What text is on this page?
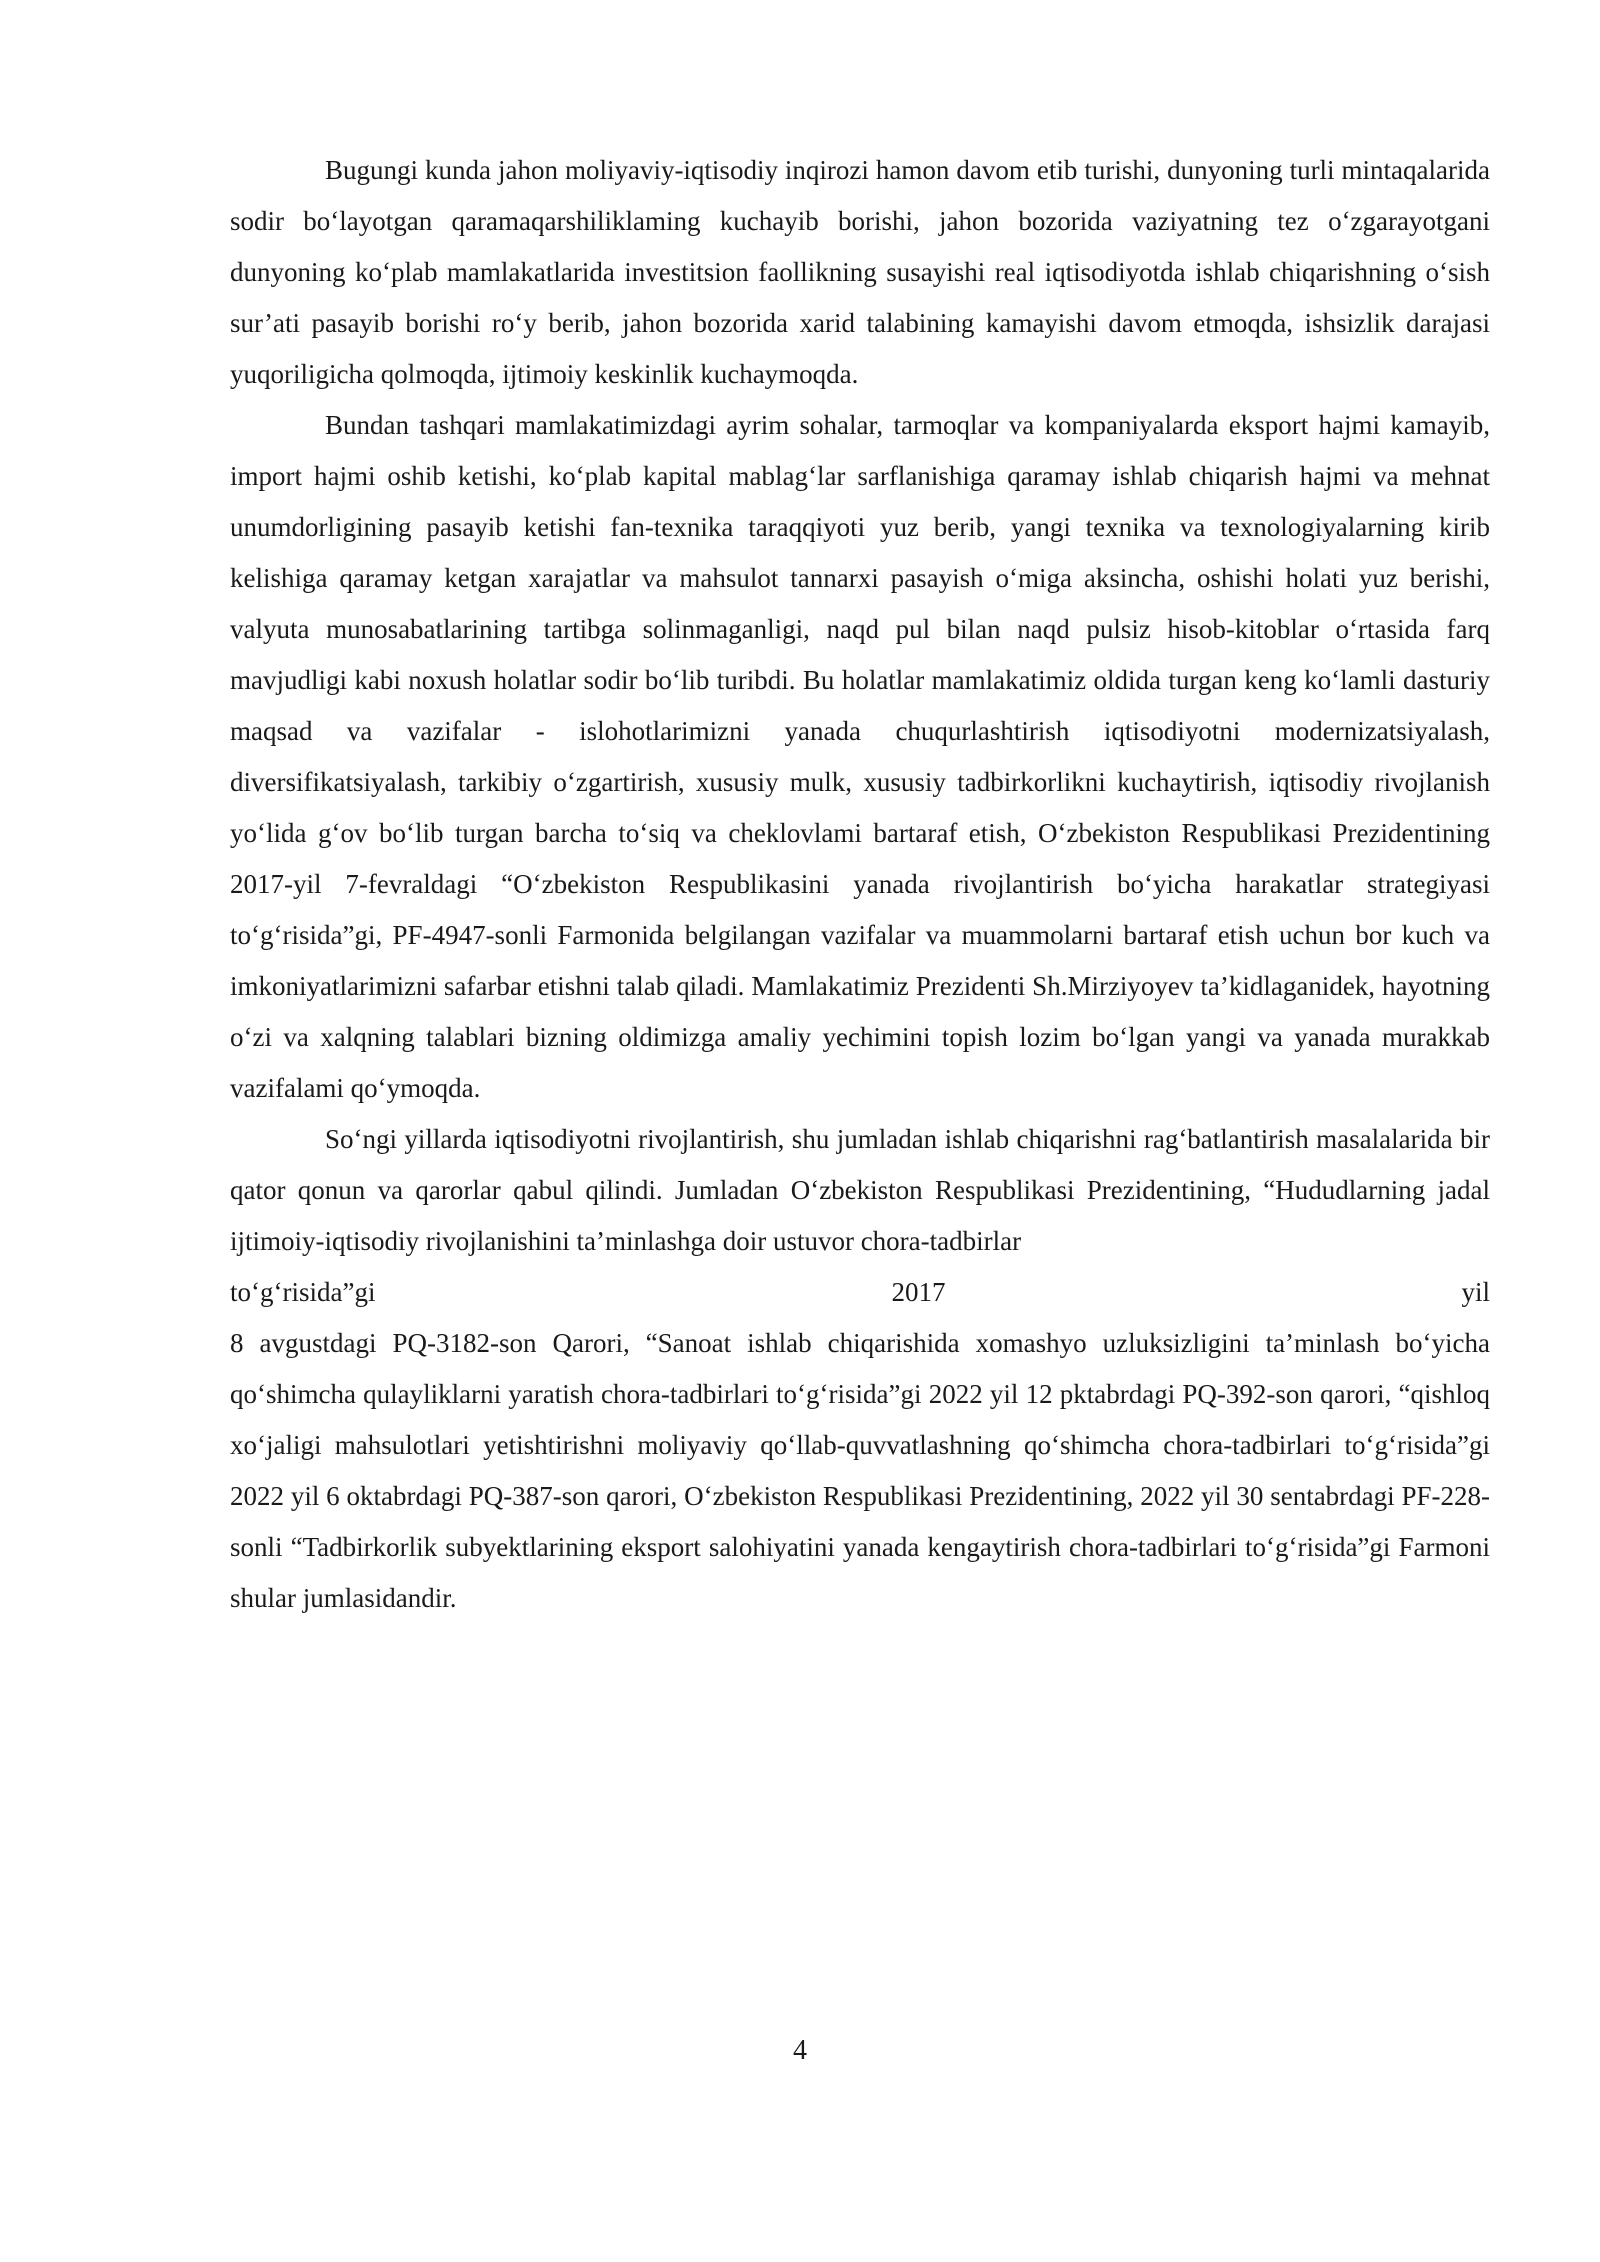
Bugungi kunda jahon moliyaviy-iqtisodiy inqirozi hamon davom etib turishi, dunyoning turli mintaqalarida sodir bo‘layotgan qaramaqarshiliklaming kuchayib borishi, jahon bozorida vaziyatning tez o‘zgarayotgani dunyoning ko‘plab mamlakatlarida investitsion faollikning susayishi real iqtisodiyotda ishlab chiqarishning o‘sish sur’ati pasayib borishi ro‘y berib, jahon bozorida xarid talabining kamayishi davom etmoqda, ishsizlik darajasi yuqoriligicha qolmoqda, ijtimoiy keskinlik kuchaymoqda.

Bundan tashqari mamlakatimizdagi ayrim sohalar, tarmoqlar va kompaniyalarda eksport hajmi kamayib, import hajmi oshib ketishi, ko‘plab kapital mablag‘lar sarflanishiga qaramay ishlab chiqarish hajmi va mehnat unumdorligining pasayib ketishi fan-texnika taraqqiyoti yuz berib, yangi texnika va texnologiyalarning kirib kelishiga qaramay ketgan xarajatlar va mahsulot tannarxi pasayish o‘miga aksincha, oshishi holati yuz berishi, valyuta munosabatlarining tartibga solinmaganligi, naqd pul bilan naqd pulsiz hisob-kitoblar o‘rtasida farq mavjudligi kabi noxush holatlar sodir bo‘lib turibdi. Bu holatlar mamlakatimiz oldida turgan keng ko‘lamli dasturiy maqsad va vazifalar - islohotlarimizni yanada chuqurlashtirish iqtisodiyotni modernizatsiyalash, diversifikatsiyalash, tarkibiy o‘zgartirish, xususiy mulk, xususiy tadbirkorlikni kuchaytirish, iqtisodiy rivojlanish yo‘lida g‘ov bo‘lib turgan barcha to‘siq va cheklovlami bartaraf etish, O‘zbekiston Respublikasi Prezidentining 2017-yil 7-fevraldagi “O‘zbekiston Respublikasini yanada rivojlantirish bo‘yicha harakatlar strategiyasi to‘g‘risida”gi, PF-4947-sonli Farmonida belgilangan vazifalar va muammolarni bartaraf etish uchun bor kuch va imkoniyatlarimizni safarbar etishni talab qiladi. Mamlakatimiz Prezidenti Sh.Mirziyoyev ta’kidlaganidek, hayotning o‘zi va xalqning talablari bizning oldimizga amaliy yechimini topish lozim bo‘lgan yangi va yanada murakkab vazifalami qo‘ymoqda.

So‘ngi yillarda iqtisodiyotni rivojlantirish, shu jumladan ishlab chiqarishni rag‘batlantirish masalalarida bir qator qonun va qarorlar qabul qilindi. Jumladan O‘zbekiston Respublikasi Prezidentining, “Hududlarning jadal ijtimoiy-iqtisodiy rivojlanishini ta’minlashga doir ustuvor chora-tadbirlar

to‘g‘risida”gi 2017 yil

8 avgustdagi PQ-3182-son Qarori, “Sanoat ishlab chiqarishida xomashyo uzluksizligini ta’minlash bo‘yicha qo‘shimcha qulayliklarni yaratish chora-tadbirlari to‘g‘risida”gi 2022 yil 12 pktabrdagi PQ-392-son qarori, “qishloq xo‘jaligi mahsulotlari yetishtirishni moliyaviy qo‘llab-quvvatlashning qo‘shimcha chora-tadbirlari to‘g‘risida”gi 2022 yil 6 oktabrdagi PQ-387-son qarori, O‘zbekiston Respublikasi Prezidentining, 2022 yil 30 sentabrdagi PF-228-sonli “Tadbirkorlik subyektlarining eksport salohiyatini yanada kengaytirish chora-tadbirlari to‘g‘risida”gi Farmoni shular jumlasidandir.

4
